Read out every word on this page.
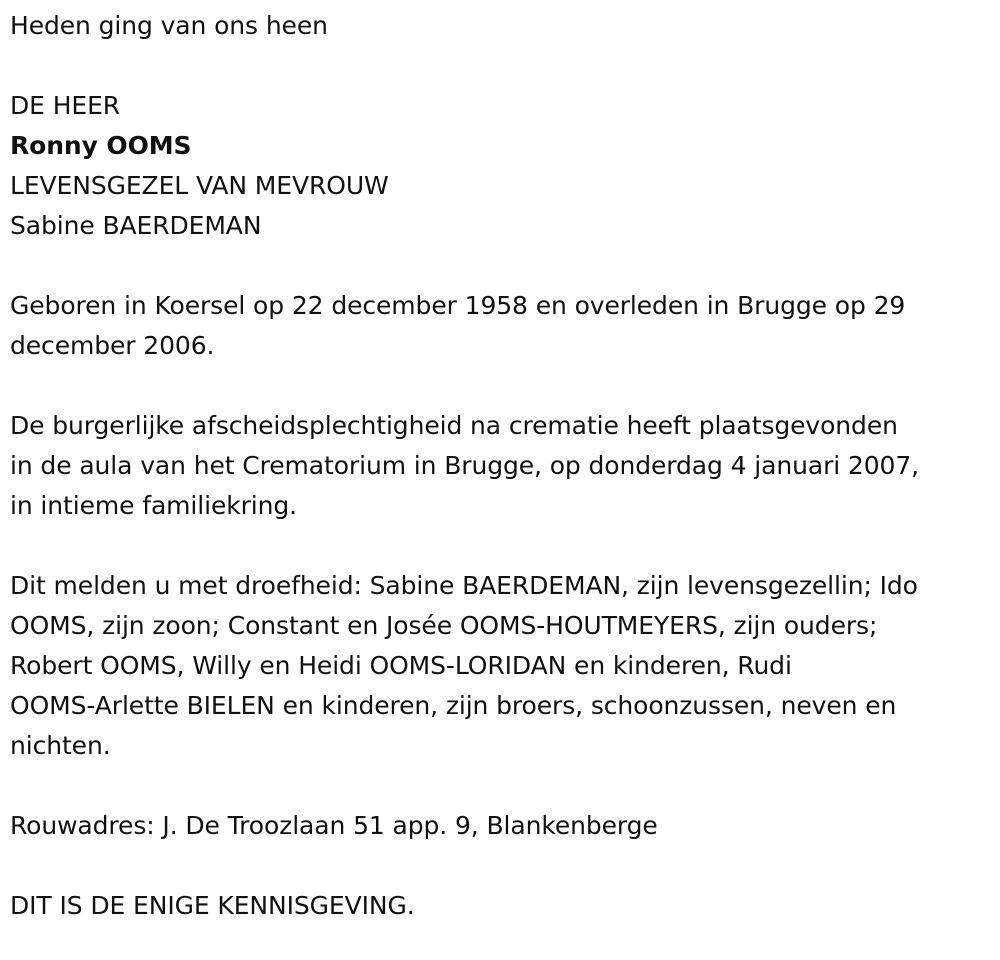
Heden ging van ons heen
DE HEER
Ronny OOMS
LEVENSGEZEL VAN MEVROUW
Sabine BAERDEMAN
Geboren in Koersel op 22 december 1958 en overleden in Brugge op 29
december 2006.
De burgerlijke afscheidsplechtigheid na crematie heeft plaatsgevonden
in de aula van het Crematorium in Brugge, op donderdag 4 januari 2007,
in intieme familiekring.
Dit melden u met droefheid: Sabine BAERDEMAN, zijn levensgezellin; Ido
OOMS, zijn zoon; Constant en Josée OOMS-HOUTMEYERS, zijn ouders;
Robert OOMS, Willy en Heidi OOMS-LORIDAN en kinderen, Rudi
OOMS-Arlette BIELEN en kinderen, zijn broers, schoonzussen, neven en
nichten.
Rouwadres: J. De Troozlaan 51 app. 9, Blankenberge
DIT IS DE ENIGE KENNISGEVING.
